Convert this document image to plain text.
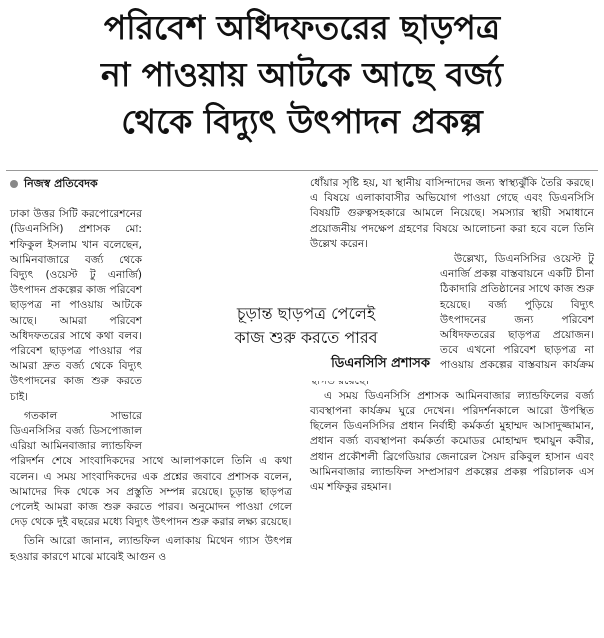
পরিবেশ অধিদফতরের ছাড়পত্র
না পাওয়ায় আটকে আছে বর্জ্য
থেকে বিদ্যুৎ উৎপাদন প্রকল্প
নিজস্ব প্রতিবেদক

ঢাকা উত্তর সিটি করপোরেশনের (ডিএনসিসি) প্রশাসক মো: শফিকুল ইসলাম খান বলেছেন, আমিনবাজারে বর্জ্য থেকে বিদ্যুৎ (ওয়েস্ট টু এনার্জি) উৎপাদন প্রকল্পের কাজ পরিবেশ ছাড়পত্র না পাওয়ায় আটকে আছে। আমরা পরিবেশ অধিদফতরের সাথে কথা বলব। পরিবেশ ছাড়পত্র পাওয়ার পর আমরা দ্রুত বর্জ্য থেকে বিদ্যুৎ উৎপাদনের কাজ শুরু করতে চাই।

গতকাল সাভারে ডিএনসিসির বর্জ্য ডিসপোজাল এরিয়া আমিনবাজার ল্যান্ডফিল পরিদর্শন শেষে সাংবাদিকদের সাথে আলাপকালে তিনি এ কথা বলেন। এ সময় সাংবাদিকদের এক প্রশ্নের জবাবে প্রশাসক বলেন, আমাদের দিক থেকে সব প্রস্তুতি সম্পন্ন রয়েছে। চূড়ান্ত ছাড়পত্র পেলেই আমরা কাজ শুরু করতে পারব। অনুমোদন পাওয়া গেলে দেড় থেকে দুই বছরের মধ্যে বিদ্যুৎ উৎপাদন শুরু করার লক্ষ্য রয়েছে।

তিনি আরো জানান, ল্যান্ডফিল এলাকায় মিথেন গ্যাস উৎপন্ন হওয়ার কারণে মাঝে মাঝেই আগুন ও

ধোঁয়ার সৃষ্টি হয়, যা স্থানীয় বাসিন্দাদের জন্য স্বাস্থ্যঝুঁকি তৈরি করছে। এ বিষয়ে এলাকাবাসীর অভিযোগ পাওয়া গেছে এবং ডিএনসিসি বিষয়টি গুরুত্বসহকারে আমলে নিয়েছে। সমস্যার স্থায়ী সমাধানে প্রয়োজনীয় পদক্ষেপ গ্রহণের বিষয়ে আলোচনা করা হবে বলে তিনি উল্লেখ করেন।

উল্লেখ্য, ডিএনসিসির ওয়েস্ট টু এনার্জি প্রকল্প বাস্তবায়নে একটি চীনা ঠিকাদারি প্রতিষ্ঠানের সাথে কাজ শুরু হয়েছে। বর্জ্য পুড়িয়ে বিদ্যুৎ উৎপাদনের জন্য পরিবেশ অধিদফতরের ছাড়পত্র প্রয়োজন। তবে এখনো পরিবেশ ছাড়পত্র না পাওয়ায় প্রকল্পের বাস্তবায়ন কার্যক্রম

এ সময় ডিএনসিসি প্রশাসক আমিনবাজার ল্যান্ডফিলের বর্জ্য ব্যবস্থাপনা কার্যক্রম ঘুরে দেখেন। পরিদর্শনকালে আরো উপস্থিত ছিলেন ডিএনসিসির প্রধান নির্বাহী কর্মকর্তা মুহাম্মদ আসাদুজ্জামান, প্রধান বর্জ্য ব্যবস্থাপনা কর্মকর্তা কমোডর মোহাম্মদ হুমায়ুন কবীর, প্রধান প্রকৌশলী ব্রিগেডিয়ার জেনারেল সৈয়দ রকিবুল হাসান এবং আমিনবাজার ল্যান্ডফিল সম্প্রসারণ প্রকল্পের প্রকল্প পরিচালক এস এম শফিকুর রহমান।

চূড়ান্ত ছাড়পত্র পেলেই
কাজ শুরু করতে পারব
ডিএনসিসি প্রশাসক
